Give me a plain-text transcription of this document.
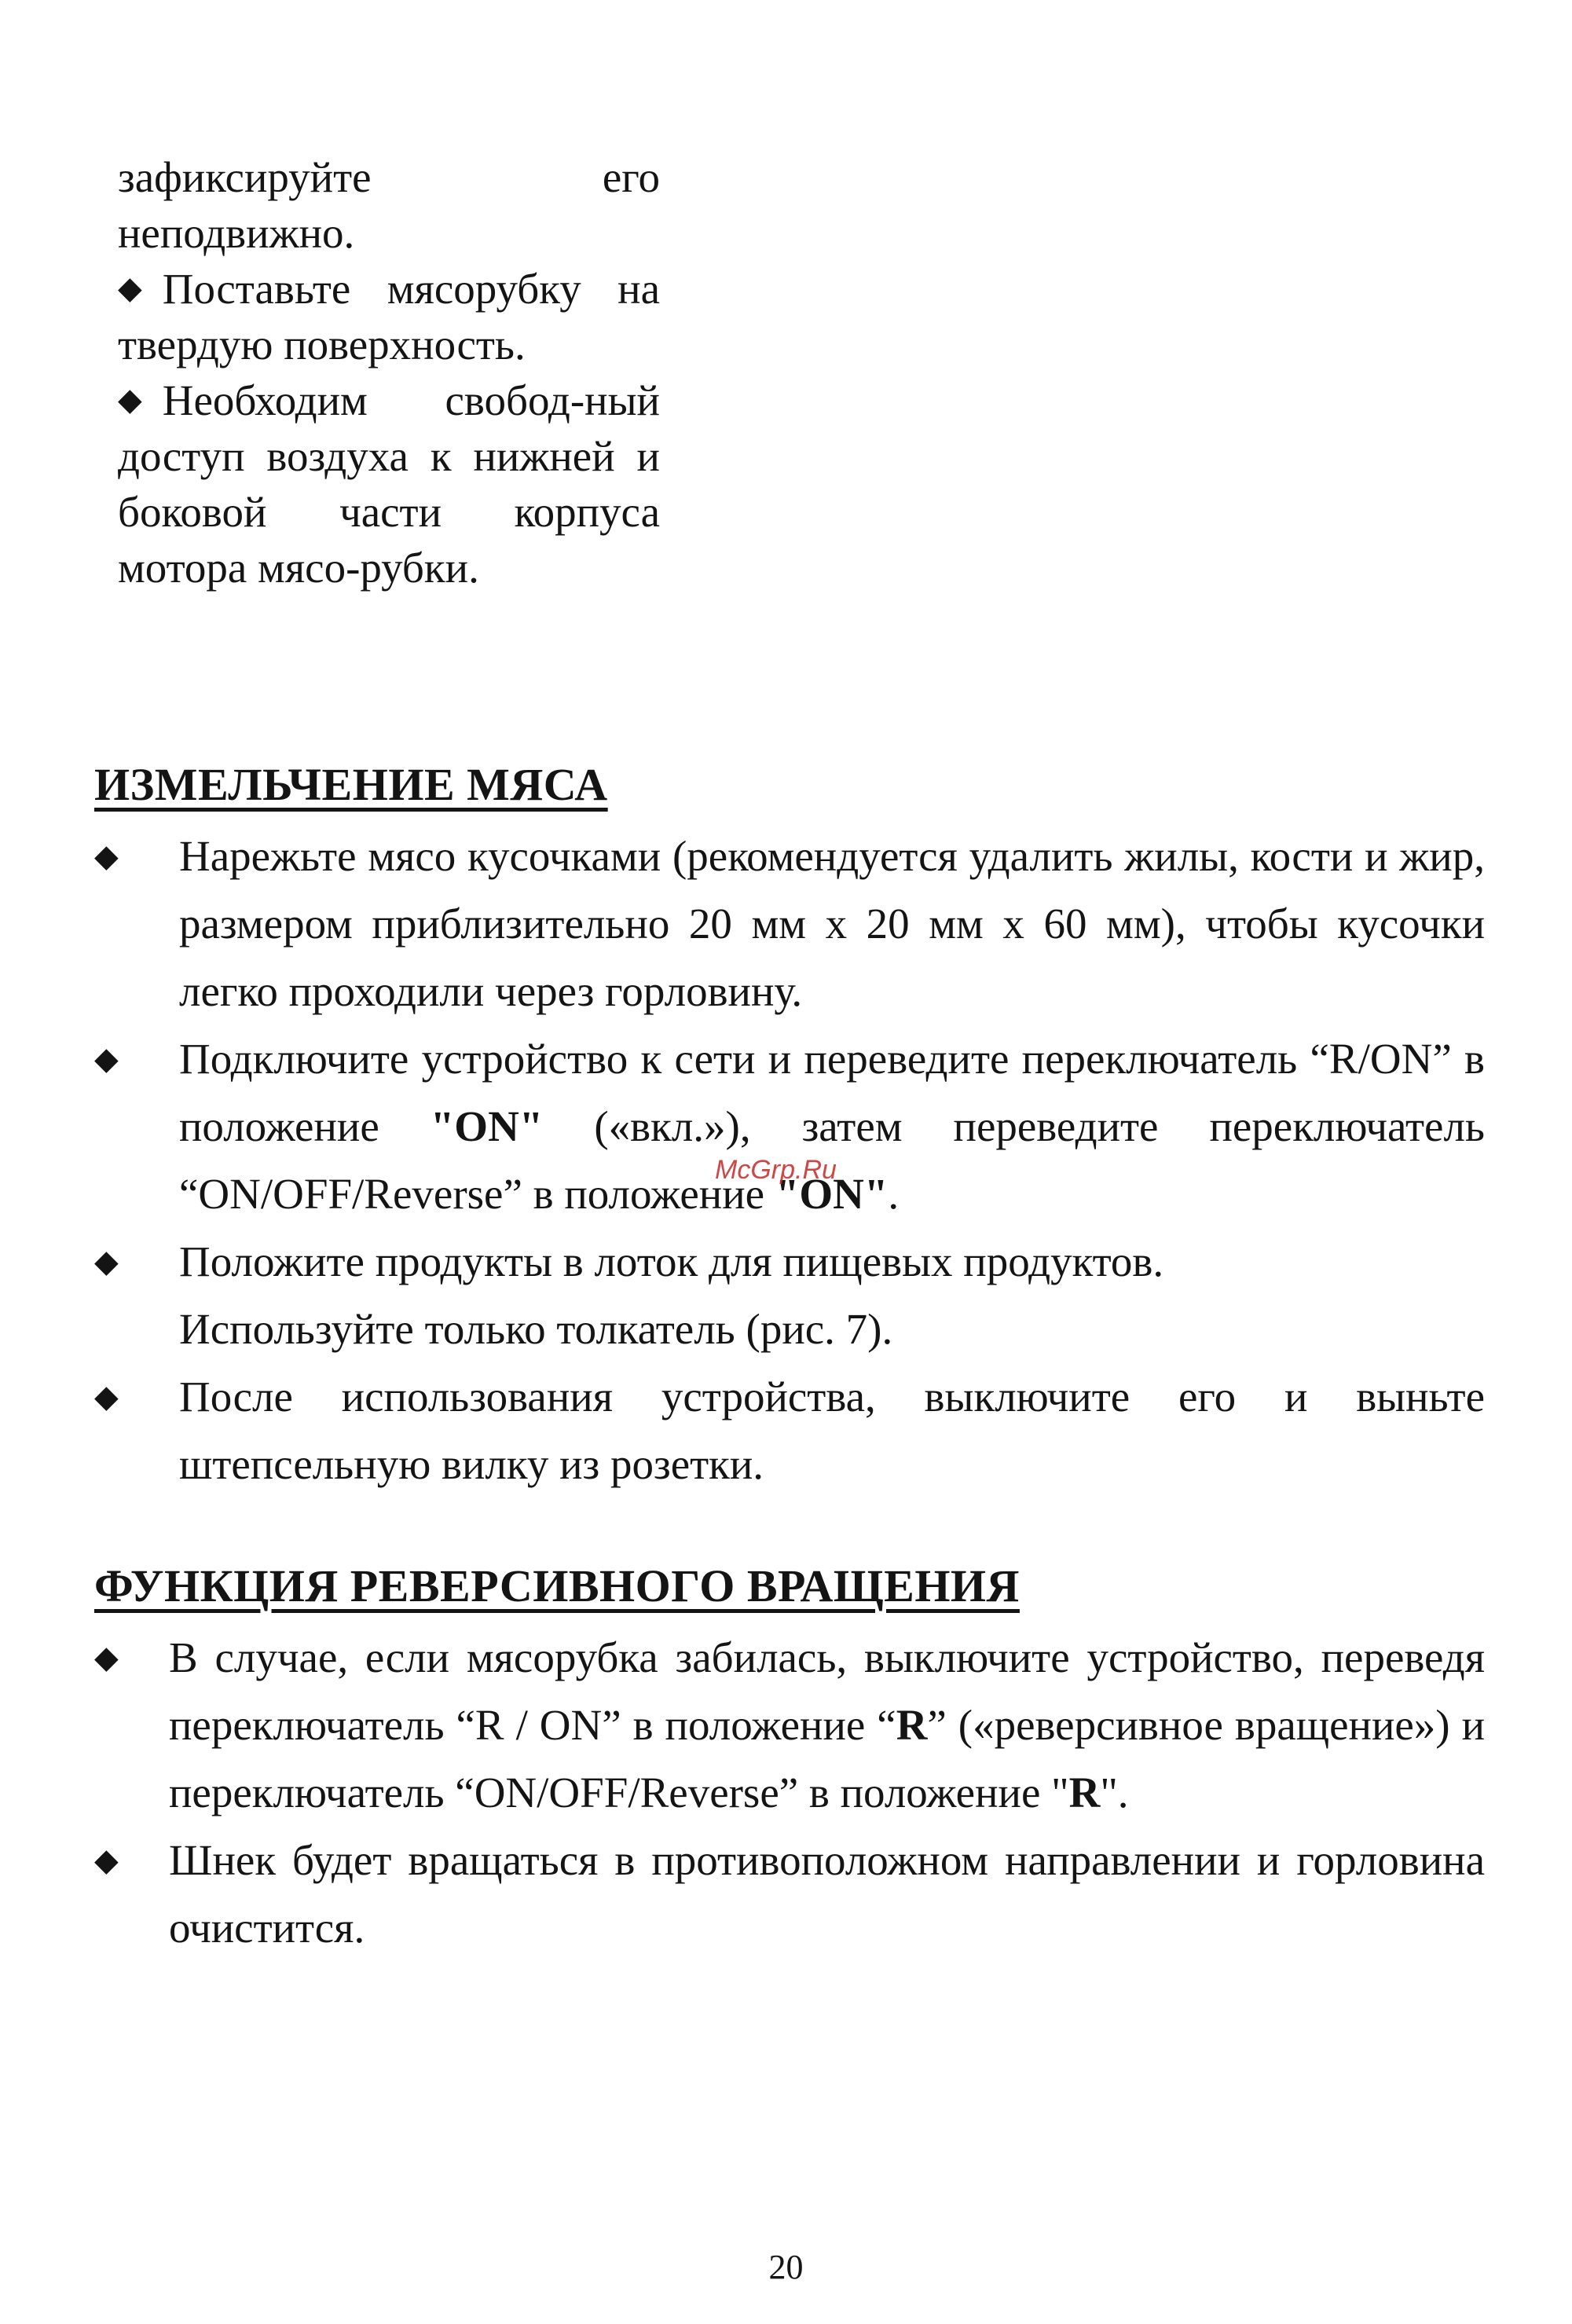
зафиксируйте	его

неподвижно.

◆ Поставьте мясорубку на твердую поверхность.

◆ Необходим свобод-ный доступ воздуха к нижней и боковой части корпуса мотора мясо-рубки.

ИЗМЕЛЬЧЕНИЕ МЯСА
◆ Нарежьте мясо кусочками (рекомендуется удалить жилы, кости и жир, размером приблизительно 20 мм х 20 мм х 60 мм), чтобы кусочки легко проходили через горловину.
◆ Подключите устройство к сети и переведите переключатель “R/ON” в положение "ON" («вкл.»), затем переведите переключатель “ON/OFF/Reverse” в положение "ON".
◆ Положите продукты в лоток для пищевых продуктов.
Используйте только толкатель (рис. 7).
◆ После использования устройства, выключите его и выньте штепсельную вилку из розетки.
ФУНКЦИЯ РЕВЕРСИВНОГО ВРАЩЕНИЯ
◆ В случае, если мясорубка забилась, выключите устройство, переведя переключатель “R / ON” в положение “R” («реверсивное вращение») и переключатель “ON/OFF/Reverse” в положение "R".
◆ Шнек будет вращаться в противоположном направлении и горловина очистится.
McGrp.Ru
20
